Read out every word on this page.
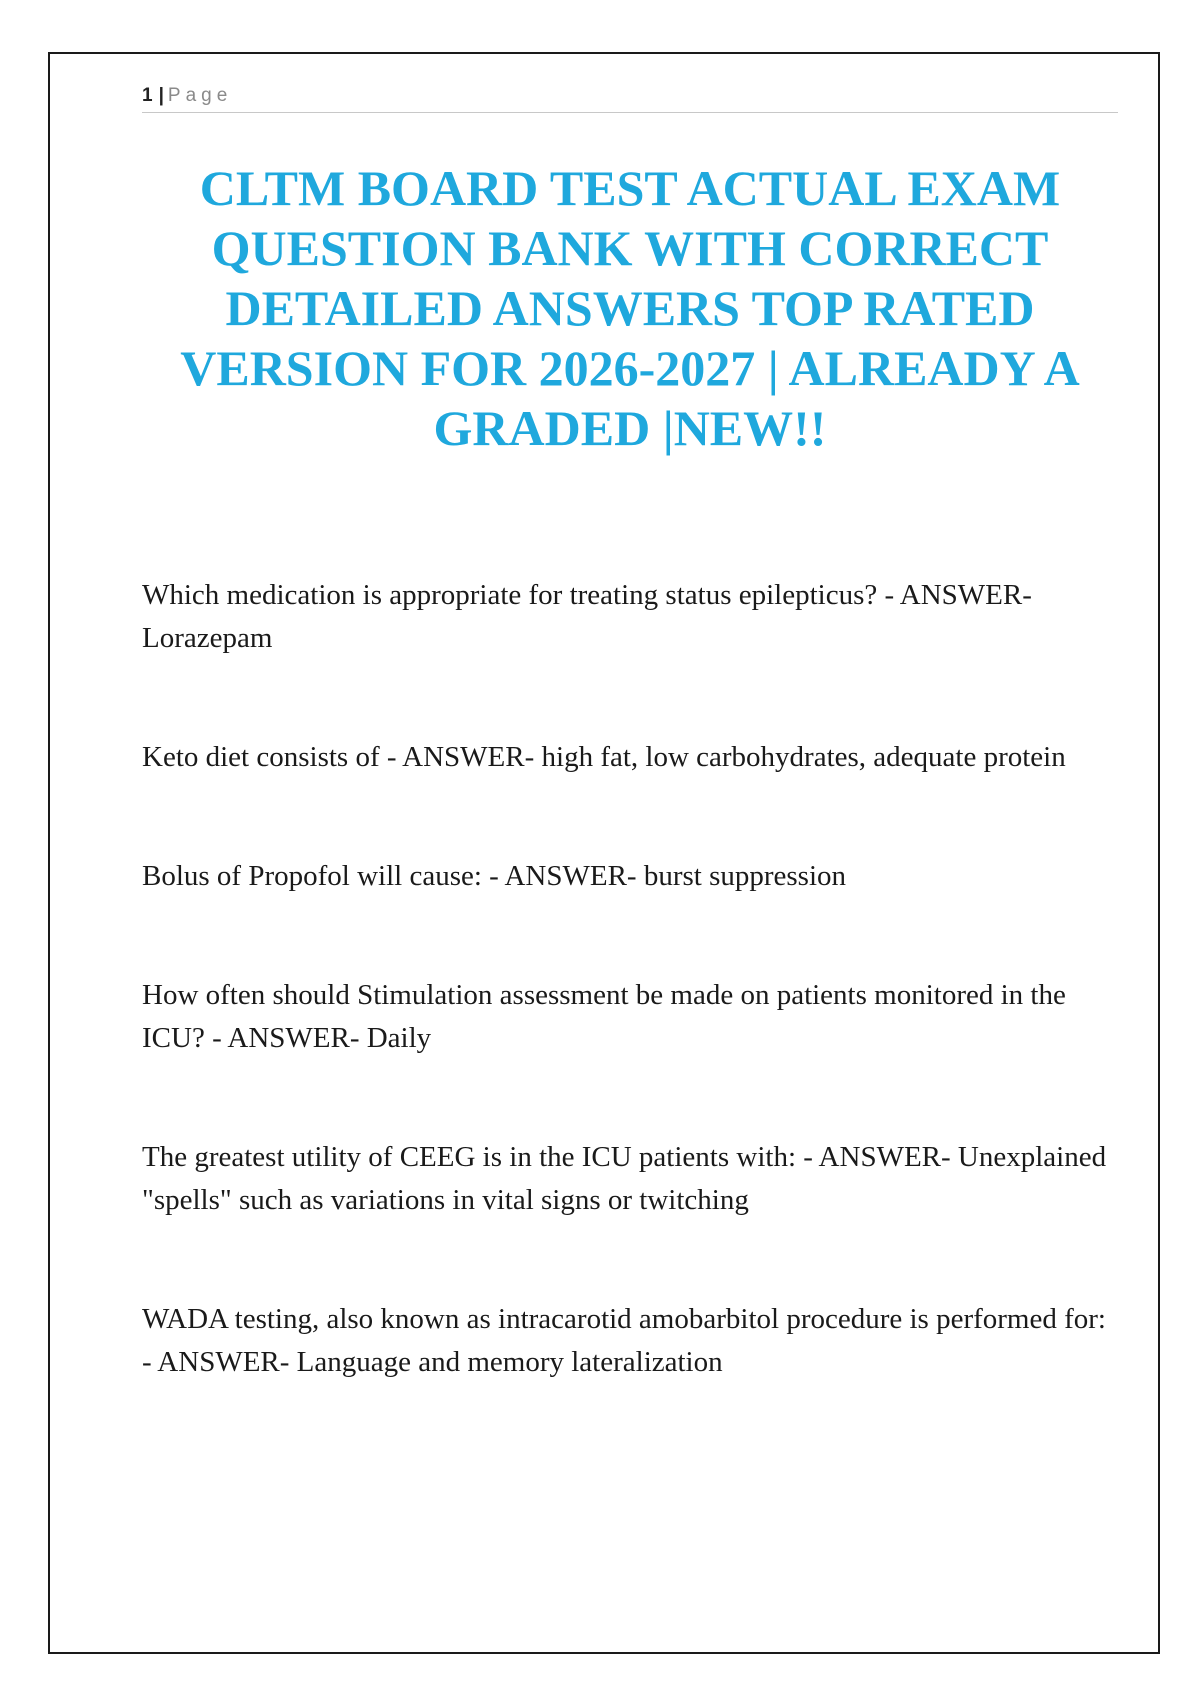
1 | Page
CLTM BOARD TEST ACTUAL EXAM QUESTION BANK WITH CORRECT DETAILED ANSWERS TOP RATED VERSION FOR 2026-2027 | ALREADY A GRADED |NEW!!

Which medication is appropriate for treating status epilepticus? - ANSWER- Lorazepam

Keto diet consists of - ANSWER- high fat, low carbohydrates, adequate protein

Bolus of Propofol will cause: - ANSWER- burst suppression

How often should Stimulation assessment be made on patients monitored in the ICU? - ANSWER- Daily

The greatest utility of CEEG is in the ICU patients with: - ANSWER- Unexplained "spells" such as variations in vital signs or twitching

WADA testing, also known as intracarotid amobarbitol procedure is performed for: - ANSWER- Language and memory lateralization
